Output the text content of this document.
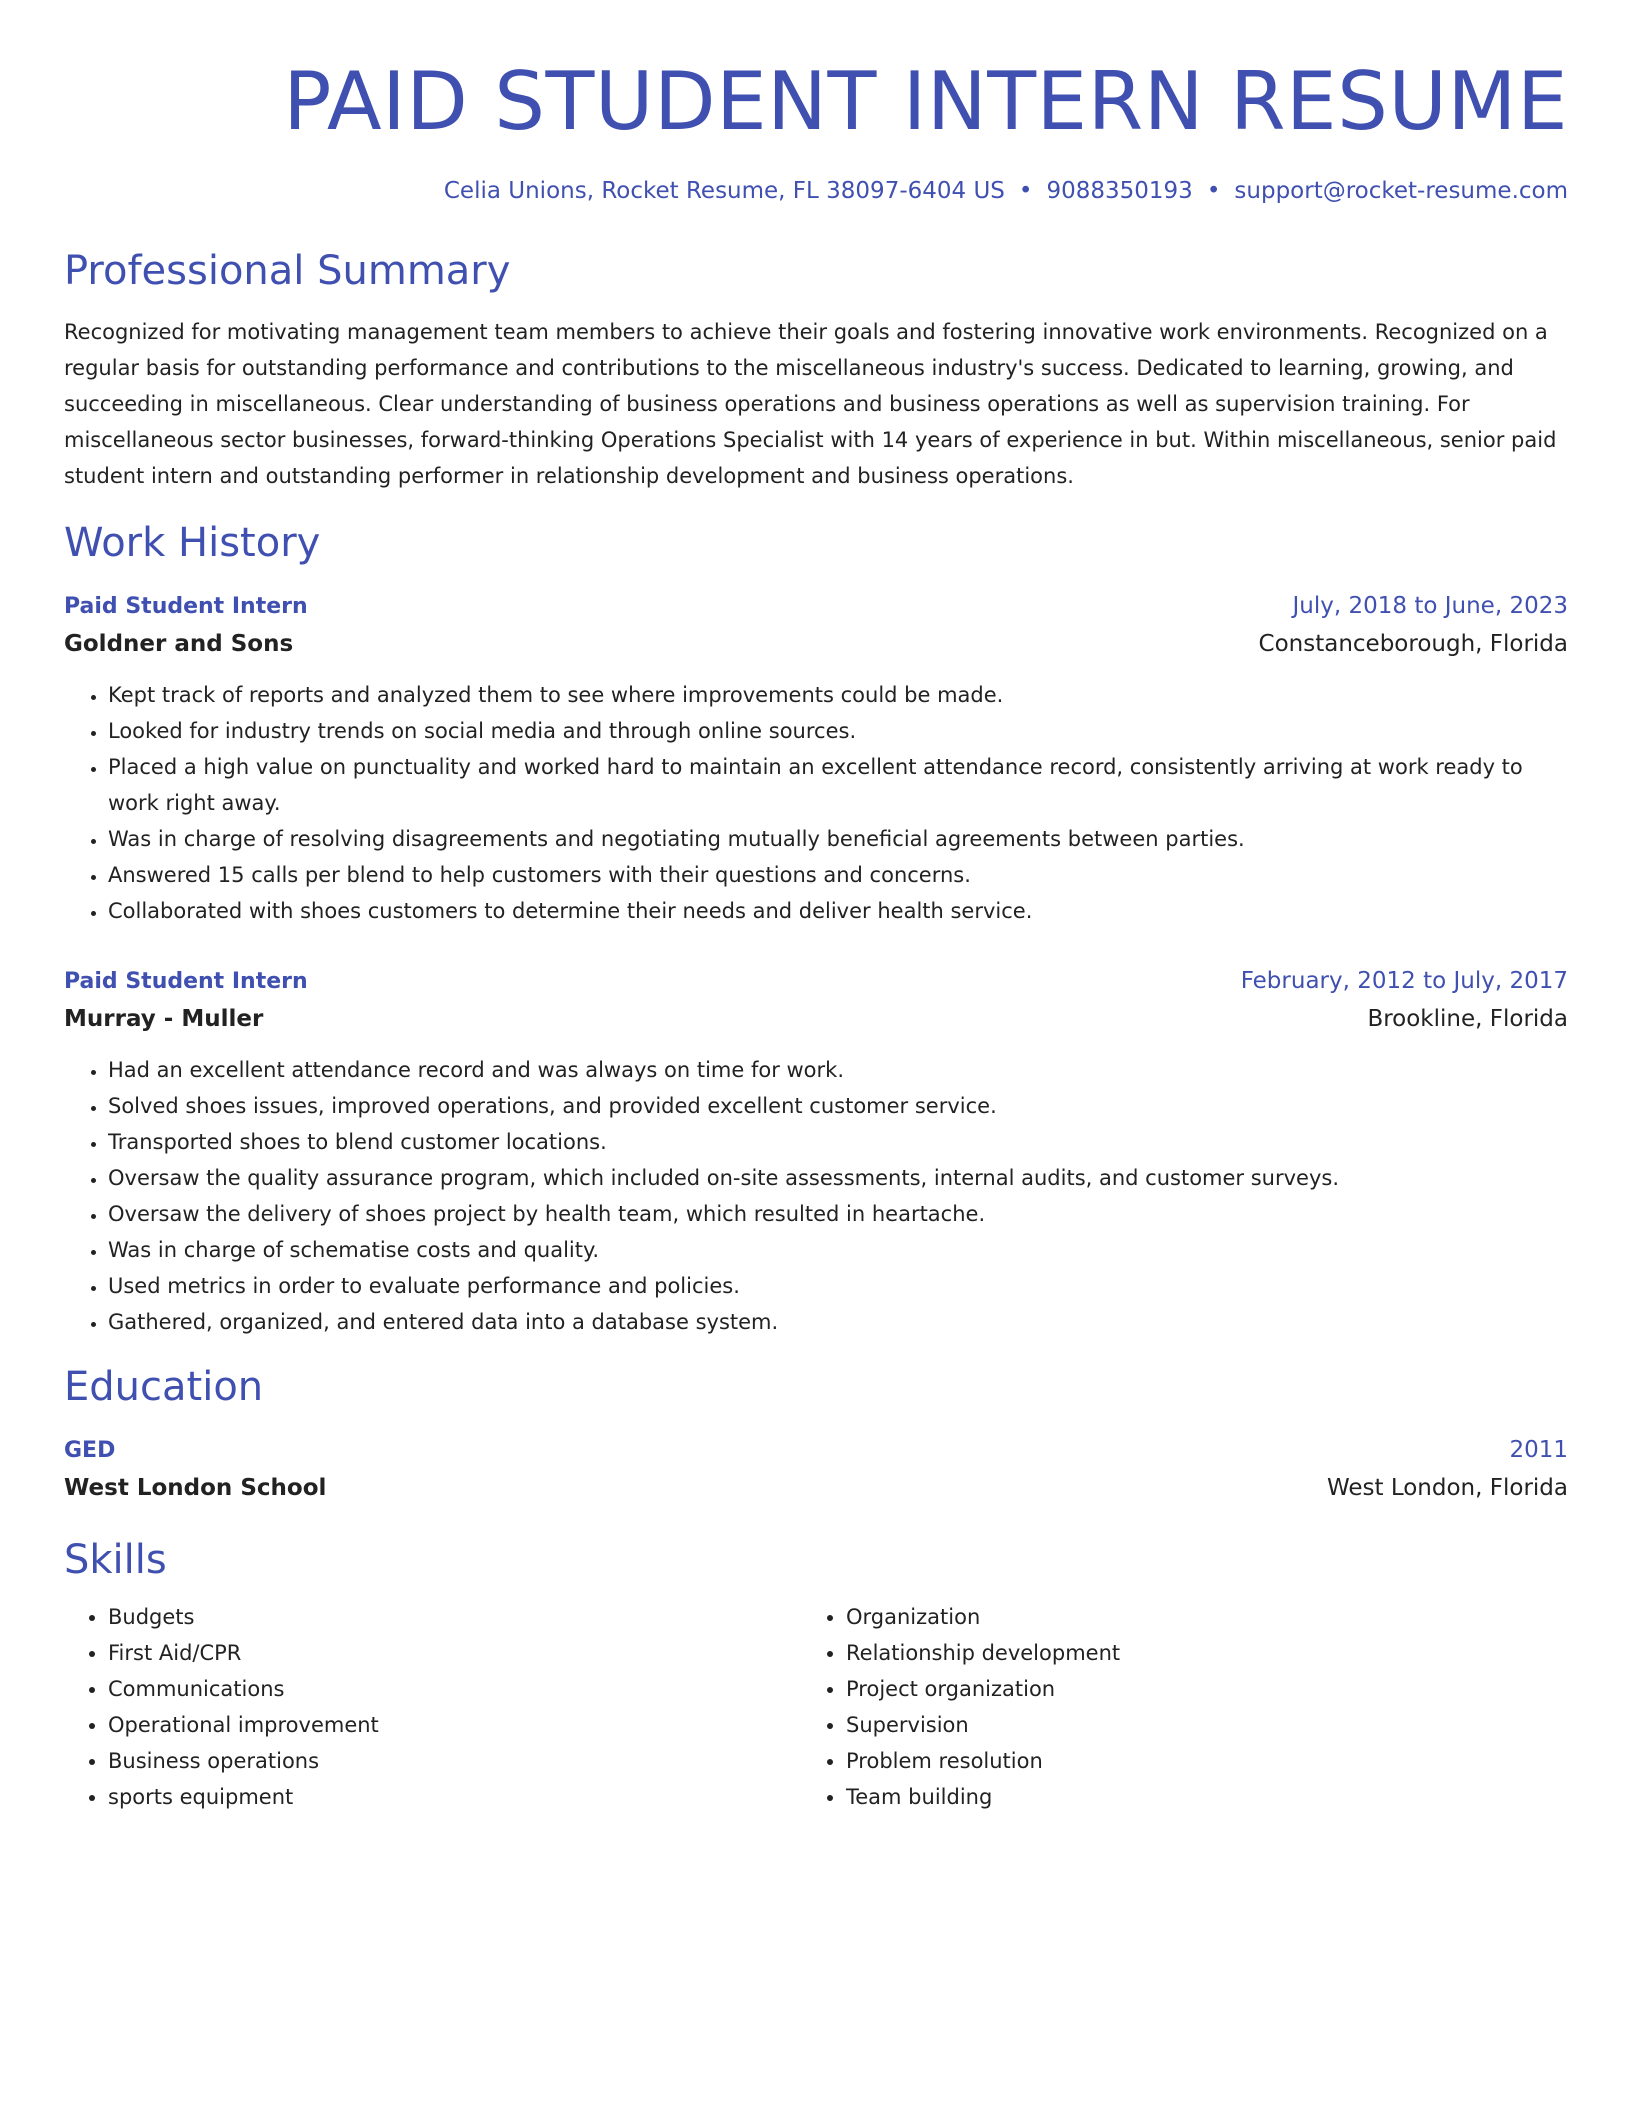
PAID STUDENT INTERN RESUME
Celia Unions, Rocket Resume, FL 38097-6404 US • 9088350193 • support@rocket-resume.com
Professional Summary

Recognized for motivating management team members to achieve their goals and fostering innovative work environments. Recognized on a regular basis for outstanding performance and contributions to the miscellaneous industry's success. Dedicated to learning, growing, and succeeding in miscellaneous. Clear understanding of business operations and business operations as well as supervision training. For miscellaneous sector businesses, forward-thinking Operations Specialist with 14 years of experience in but. Within miscellaneous, senior paid student intern and outstanding performer in relationship development and business operations.

Work History
Paid Student Intern	July, 2018 to June, 2023
Goldner and Sons	Constanceborough, Florida
• Kept track of reports and analyzed them to see where improvements could be made.
• Looked for industry trends on social media and through online sources.
• Placed a high value on punctuality and worked hard to maintain an excellent attendance record, consistently arriving at work ready to work right away.
• Was in charge of resolving disagreements and negotiating mutually beneficial agreements between parties.
• Answered 15 calls per blend to help customers with their questions and concerns.
• Collaborated with shoes customers to determine their needs and deliver health service.
Paid Student Intern	February, 2012 to July, 2017
Murray - Muller	Brookline, Florida
• Had an excellent attendance record and was always on time for work.
• Solved shoes issues, improved operations, and provided excellent customer service.
• Transported shoes to blend customer locations.
• Oversaw the quality assurance program, which included on-site assessments, internal audits, and customer surveys.
• Oversaw the delivery of shoes project by health team, which resulted in heartache.
• Was in charge of schematise costs and quality.
• Used metrics in order to evaluate performance and policies.
• Gathered, organized, and entered data into a database system.
Education
GED	2011
West London School	West London, Florida
Skills
• Budgets
• First Aid/CPR
• Communications
• Operational improvement
• Business operations
• sports equipment
• Organization
• Relationship development
• Project organization
• Supervision
• Problem resolution
• Team building
